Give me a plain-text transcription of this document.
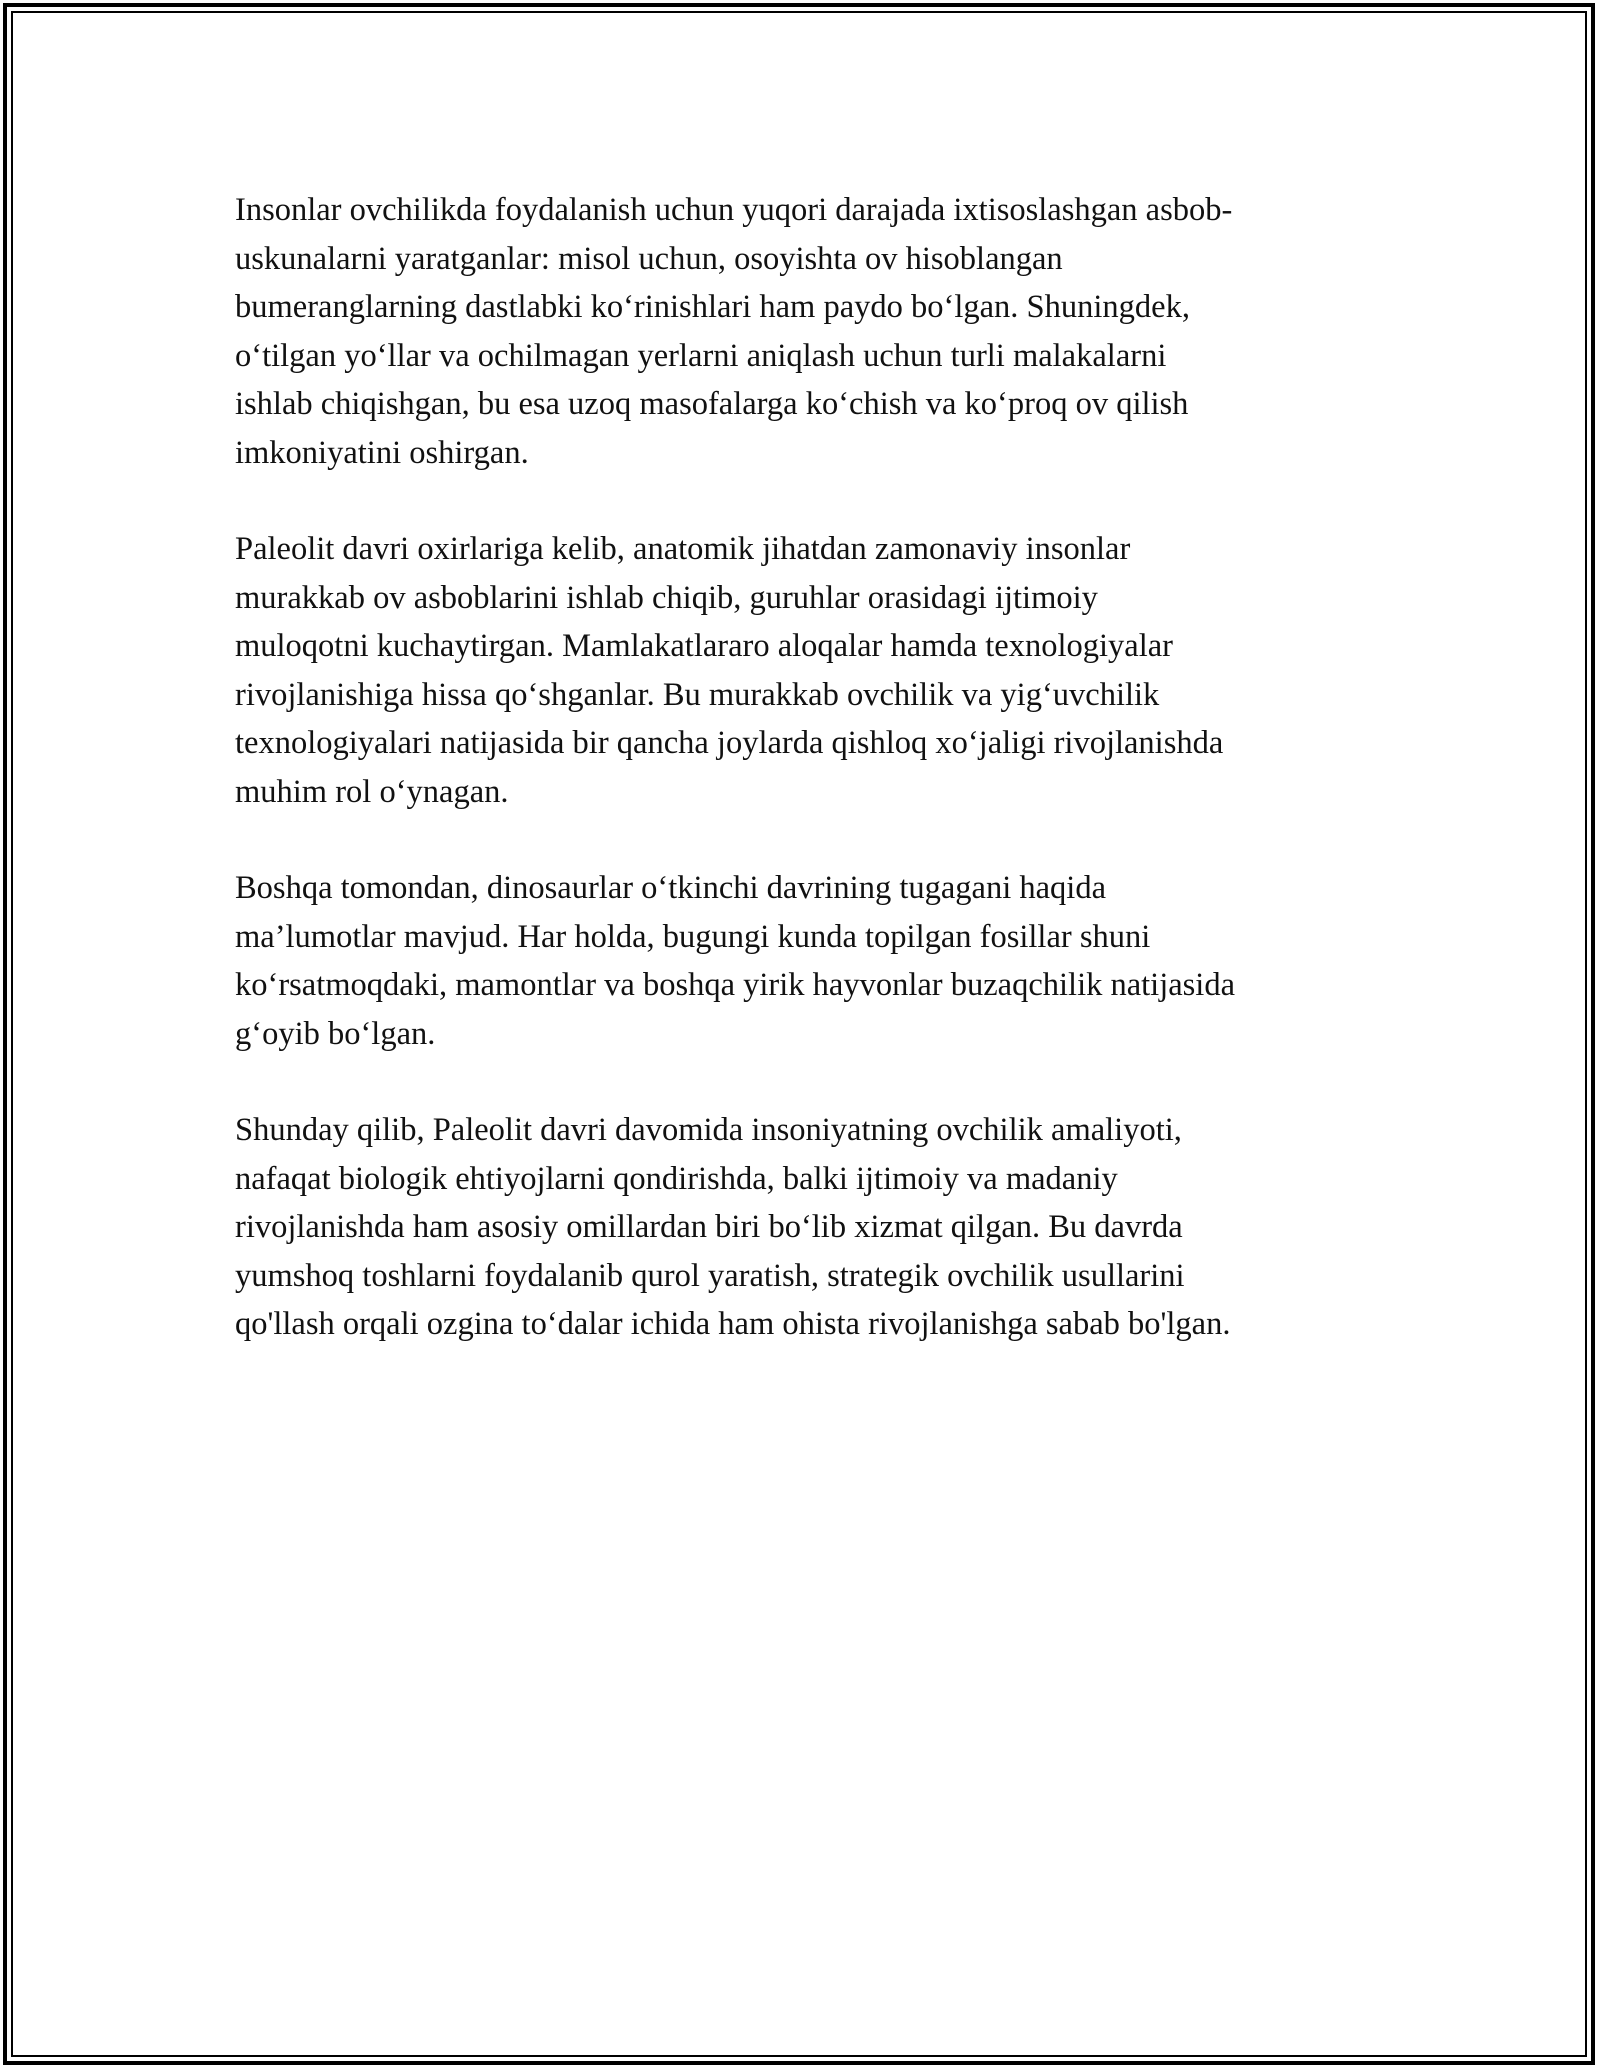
Insonlar ovchilikda foydalanish uchun yuqori darajada ixtisoslashgan asbob-
uskunalarni yaratganlar: misol uchun, osoyishta ov hisoblangan
bumeranglarning dastlabki ko‘rinishlari ham paydo bo‘lgan. Shuningdek,
o‘tilgan yo‘llar va ochilmagan yerlarni aniqlash uchun turli malakalarni
ishlab chiqishgan, bu esa uzoq masofalarga ko‘chish va ko‘proq ov qilish
imkoniyatini oshirgan.

Paleolit davri oxirlariga kelib, anatomik jihatdan zamonaviy insonlar
murakkab ov asboblarini ishlab chiqib, guruhlar orasidagi ijtimoiy
muloqotni kuchaytirgan. Mamlakatlararo aloqalar hamda texnologiyalar
rivojlanishiga hissa qo‘shganlar. Bu murakkab ovchilik va yig‘uvchilik
texnologiyalari natijasida bir qancha joylarda qishloq xo‘jaligi rivojlanishda
muhim rol o‘ynagan.

Boshqa tomondan, dinosaurlar o‘tkinchi davrining tugagani haqida
ma’lumotlar mavjud. Har holda, bugungi kunda topilgan fosillar shuni
ko‘rsatmoqdaki, mamontlar va boshqa yirik hayvonlar buzaqchilik natijasida
g‘oyib bo‘lgan.

Shunday qilib, Paleolit davri davomida insoniyatning ovchilik amaliyoti,
nafaqat biologik ehtiyojlarni qondirishda, balki ijtimoiy va madaniy
rivojlanishda ham asosiy omillardan biri bo‘lib xizmat qilgan. Bu davrda
yumshoq toshlarni foydalanib qurol yaratish, strategik ovchilik usullarini
qo'llash orqali ozgina to‘dalar ichida ham ohista rivojlanishga sabab bo'lgan.
